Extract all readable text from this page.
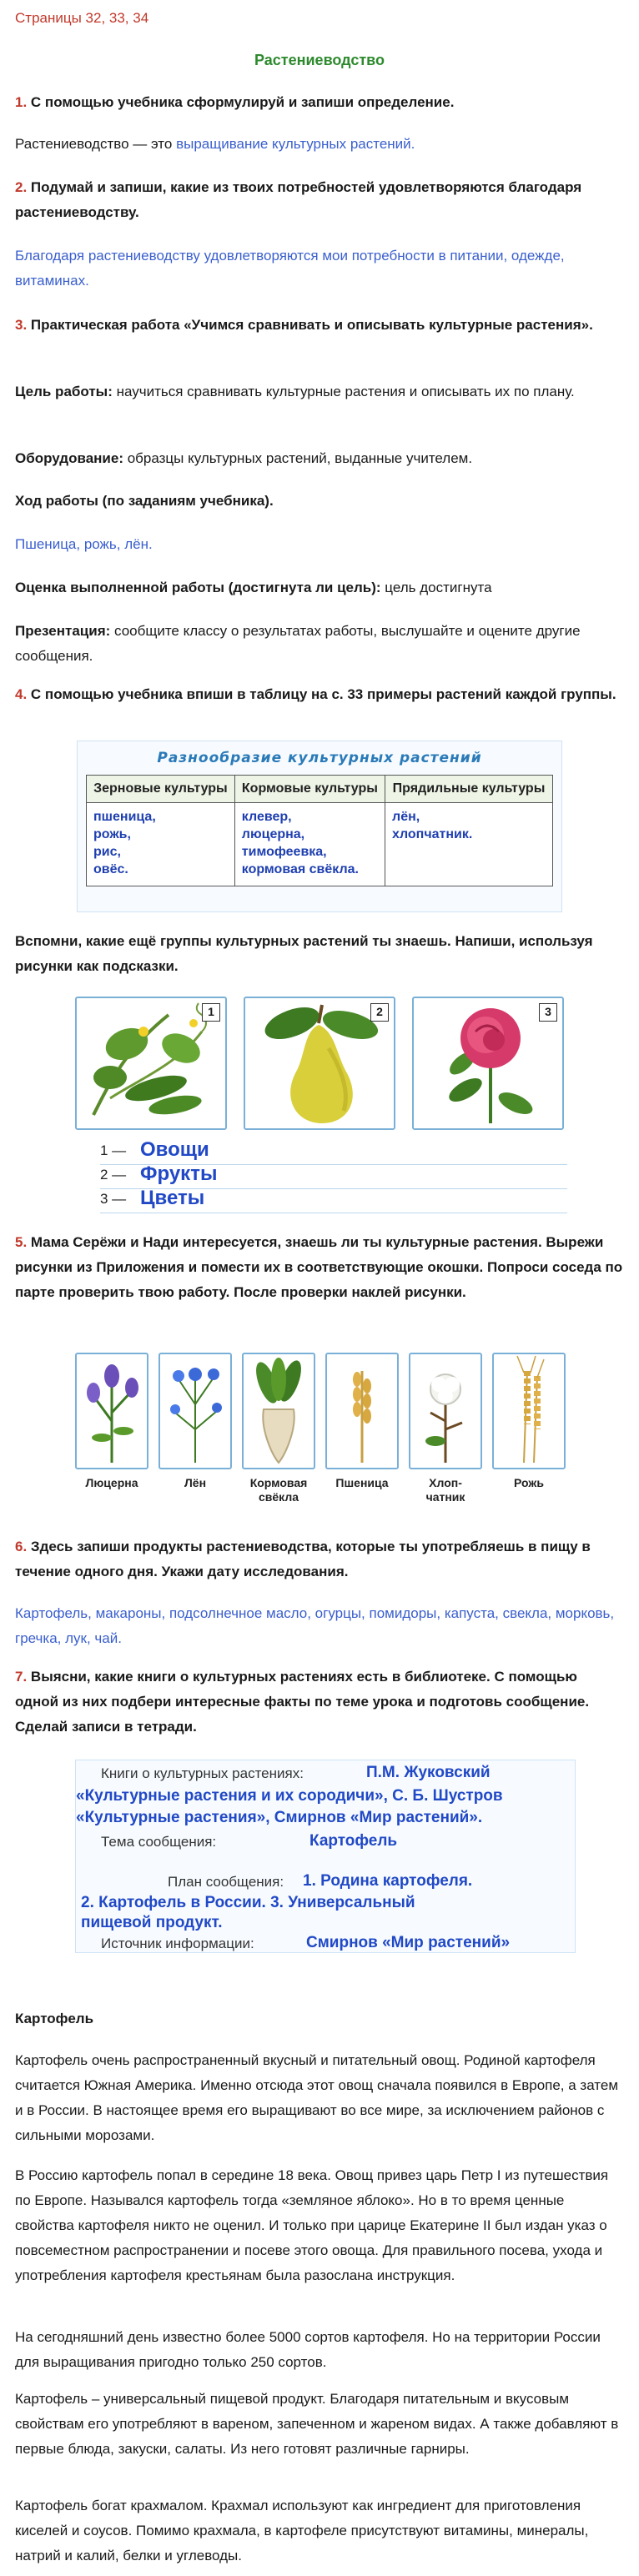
Страницы 32, 33, 34
Растениеводство
1. С помощью учебника сформулируй и запиши определение.
Растениеводство — это выращивание культурных растений.
2. Подумай и запиши, какие из твоих потребностей удовлетворяются благодаря растениеводству.
Благодаря растениеводству удовлетворяются мои потребности в питании, одежде, витаминах.
3. Практическая работа «Учимся сравнивать и описывать культурные растения».
Цель работы: научиться сравнивать культурные растения и описывать их по плану.
Оборудование: образцы культурных растений, выданные учителем.
Ход работы (по заданиям учебника).
Пшеница, рожь, лён.
Оценка выполненной работы (достигнута ли цель): цель достигнута
Презентация: сообщите классу о результатах работы, выслушайте и оцените другие сообщения.
4. С помощью учебника впиши в таблицу на с. 33 примеры растений каждой группы.
Разнообразие культурных растений
Зерновые культуры	Кормовые культуры	Прядильные культуры
пшеница,
рожь,
рис,
овёс.	клевер,
люцерна,
тимофеевка,
кормовая свёкла.	лён,
хлопчатник.
Вспомни, какие ещё группы культурных растений ты знаешь. Напиши, используя рисунки как подсказки.
1	2	3
1 — Овощи
2 — Фрукты
3 — Цветы
5. Мама Серёжи и Нади интересуется, знаешь ли ты культурные растения. Вырежи рисунки из Приложения и помести их в соответствующие окошки. Попроси соседа по парте проверить твою работу. После проверки наклей рисунки.
Люцерна	Лён	Кормовая
свёкла
Пшеница	Хлоп-
чатник
Рожь
6. Здесь запиши продукты растениеводства, которые ты употребляешь в пищу в течение одного дня. Укажи дату исследования.
Картофель, макароны, подсолнечное масло, огурцы, помидоры, капуста, свекла, морковь, гречка, лук, чай.
7. Выясни, какие книги о культурных растениях есть в библиотеке. С помощью одной из них подбери интересные факты по теме урока и подготовь сообщение. Сделай записи в тетради.
Книги о культурных растениях:	П.М. Жуковский
«Культурные растения и их сородичи», С. Б. Шустров
«Культурные растения», Смирнов «Мир растений».
Тема сообщения:	Картофель
План сообщения: 1. Родина картофеля.
2. Картофель в России. 3. Универсальный
пищевой продукт.
Источник информации:	Смирнов «Мир растений»
Картофель
Картофель очень распространенный вкусный и питательный овощ. Родиной картофеля считается Южная Америка. Именно отсюда этот овощ сначала появился в Европе, а затем и в России. В настоящее время его выращивают во все мире, за исключением районов с сильными морозами.
В Россию картофель попал в середине 18 века. Овощ привез царь Петр I из путешествия по Европе. Назывался картофель тогда «земляное яблоко». Но в то время ценные свойства картофеля никто не оценил. И только при царице Екатерине II был издан указ о повсеместном распространении и посеве этого овоща. Для правильного посева, ухода и употребления картофеля крестьянам была разослана инструкция.
На сегодняшний день известно более 5000 сортов картофеля. Но на территории России для выращивания пригодно только 250 сортов.
Картофель – универсальный пищевой продукт. Благодаря питательным и вкусовым свойствам его употребляют в вареном, запеченном и жареном видах. А также добавляют в первые блюда, закуски, салаты. Из него готовят различные гарниры.
Картофель богат крахмалом. Крахмал используют как ингредиент для приготовления киселей и соусов. Помимо крахмала, в картофеле присутствуют витамины, минералы, натрий и калий, белки и углеводы.
